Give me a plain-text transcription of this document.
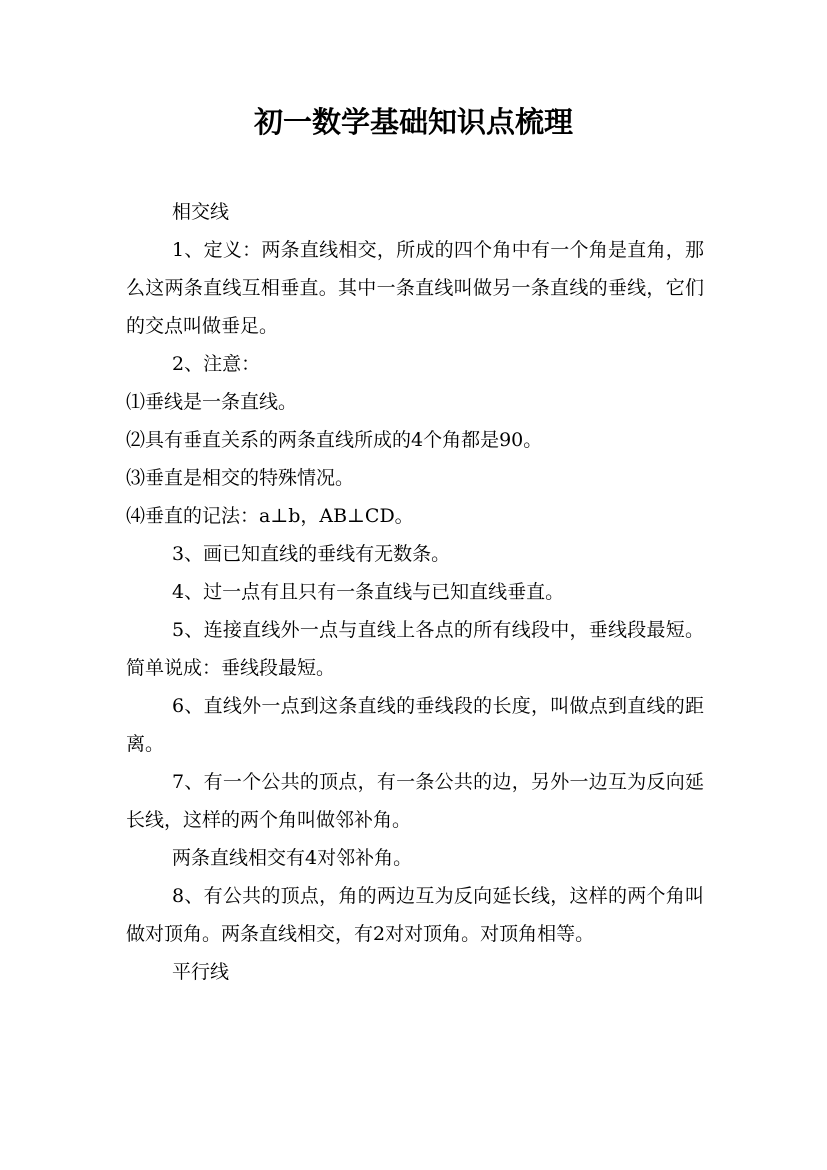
初一数学基础知识点梳理

相交线

1、定义：两条直线相交，所成的四个角中有一个角是直角，那么这两条直线互相垂直。其中一条直线叫做另一条直线的垂线，它们的交点叫做垂足。

2、注意：

⑴垂线是一条直线。

⑵具有垂直关系的两条直线所成的4个角都是90。

⑶垂直是相交的特殊情况。

⑷垂直的记法：a⊥b，AB⊥CD。

3、画已知直线的垂线有无数条。

4、过一点有且只有一条直线与已知直线垂直。

5、连接直线外一点与直线上各点的所有线段中，垂线段最短。简单说成：垂线段最短。

6、直线外一点到这条直线的垂线段的长度，叫做点到直线的距离。

7、有一个公共的顶点，有一条公共的边，另外一边互为反向延长线，这样的两个角叫做邻补角。

两条直线相交有4对邻补角。

8、有公共的顶点，角的两边互为反向延长线，这样的两个角叫做对顶角。两条直线相交，有2对对顶角。对顶角相等。

平行线
